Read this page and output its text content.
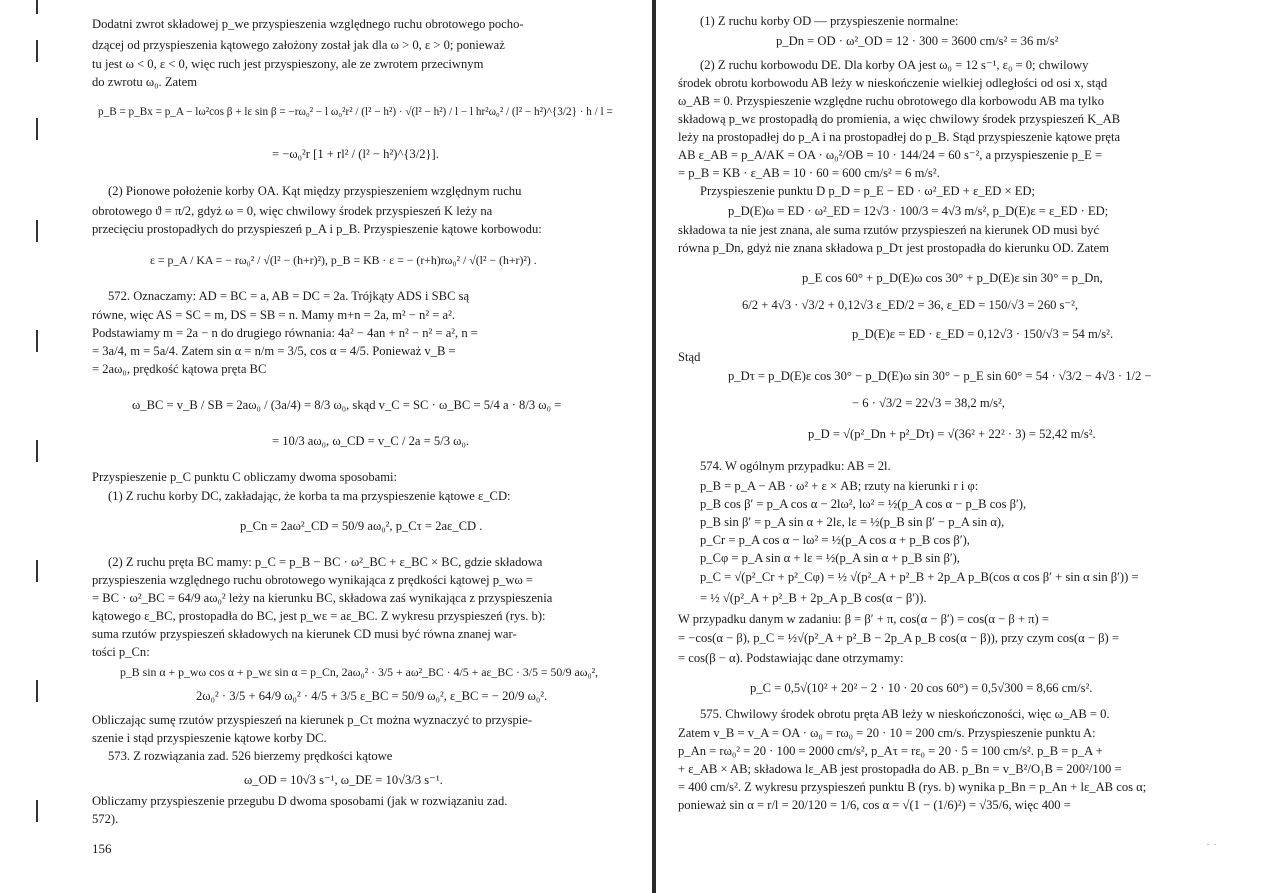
Dodatni zwrot składowej p_we przyspieszenia względnego ruchu obrotowego pocho-
dzącej od przyspieszenia kątowego założony został jak dla ω > 0, ε > 0; ponieważ
tu jest ω < 0, ε < 0, więc ruch jest przyspieszony, ale ze zwrotem przeciwnym
do zwrotu ω₀. Zatem
p_B = p_Bx = p_A − lω²cos β + lε sin β = −rω₀² − l ω₀²r² / (l² − h²) · √(l² − h²) / l − l hr²ω₀² / (l² − h²)^{3/2} · h / l =
= −ω₀²r [1 + rl² / (l² − h²)^{3/2}].
(2) Pionowe położenie korby OA. Kąt między przyspieszeniem względnym ruchu
obrotowego ϑ = π/2, gdyż ω = 0, więc chwilowy środek przyspieszeń K leży na
przecięciu prostopadłych do przyspieszeń p_A i p_B. Przyspieszenie kątowe korbowodu:
ε = p_A / KA = − rω₀² / √(l² − (h+r)²), p_B = KB · ε = − (r+h)rω₀² / √(l² − (h+r)²) .
572. Oznaczamy: AD = BC = a, AB = DC = 2a. Trójkąty ADS i SBC są
równe, więc AS = SC = m, DS = SB = n. Mamy m+n = 2a, m² − n² = a².
Podstawiamy m = 2a − n do drugiego równania: 4a² − 4an + n² − n² = a², n =
= 3a/4, m = 5a/4. Zatem sin α = n/m = 3/5, cos α = 4/5. Ponieważ v_B =
= 2aω₀, prędkość kątowa pręta BC
ω_BC = v_B / SB = 2aω₀ / (3a/4) = 8/3 ω₀, skąd v_C = SC · ω_BC = 5/4 a · 8/3 ω₀ =
= 10/3 aω₀, ω_CD = v_C / 2a = 5/3 ω₀.
Przyspieszenie p_C punktu C obliczamy dwoma sposobami:
(1) Z ruchu korby DC, zakładając, że korba ta ma przyspieszenie kątowe ε_CD:
p_Cn = 2aω²_CD = 50/9 aω₀², p_Cτ = 2aε_CD .
(2) Z ruchu pręta BC mamy: p_C = p_B − BC · ω²_BC + ε_BC × BC, gdzie składowa
przyspieszenia względnego ruchu obrotowego wynikająca z prędkości kątowej p_wω =
= BC · ω²_BC = 64/9 aω₀² leży na kierunku BC, składowa zaś wynikająca z przyspieszenia
kątowego ε_BC, prostopadła do BC, jest p_wε = aε_BC. Z wykresu przyspieszeń (rys. b):
suma rzutów przyspieszeń składowych na kierunek CD musi być równa znanej war-
tości p_Cn:
p_B sin α + p_wω cos α + p_wε sin α = p_Cn, 2aω₀² · 3/5 + aω²_BC · 4/5 + aε_BC · 3/5 = 50/9 aω₀²,
2ω₀² · 3/5 + 64/9 ω₀² · 4/5 + 3/5 ε_BC = 50/9 ω₀², ε_BC = − 20/9 ω₀².
Obliczając sumę rzutów przyspieszeń na kierunek p_Cτ można wyznaczyć to przyspie-
szenie i stąd przyspieszenie kątowe korby DC.
573. Z rozwiązania zad. 526 bierzemy prędkości kątowe
ω_OD = 10√3 s⁻¹, ω_DE = 10√3/3 s⁻¹.
Obliczamy przyspieszenie przegubu D dwoma sposobami (jak w rozwiązaniu zad.
572).
156
(1) Z ruchu korby OD — przyspieszenie normalne:
p_Dn = OD · ω²_OD = 12 · 300 = 3600 cm/s² = 36 m/s²
(2) Z ruchu korbowodu DE. Dla korby OA jest ω₀ = 12 s⁻¹, ε₀ = 0; chwilowy
środek obrotu korbowodu AB leży w nieskończenie wielkiej odległości od osi x, stąd
ω_AB = 0. Przyspieszenie względne ruchu obrotowego dla korbowodu AB ma tylko
składową p_wε prostopadłą do promienia, a więc chwilowy środek przyspieszeń K_AB
leży na prostopadłej do p_A i na prostopadłej do p_B. Stąd przyspieszenie kątowe pręta
AB ε_AB = p_A/AK = OA · ω₀²/OB = 10 · 144/24 = 60 s⁻², a przyspieszenie p_E =
= p_B = KB · ε_AB = 10 · 60 = 600 cm/s² = 6 m/s².
Przyspieszenie punktu D p_D = p_E − ED · ω²_ED + ε_ED × ED;
p_D(E)ω = ED · ω²_ED = 12√3 · 100/3 = 4√3 m/s², p_D(E)ε = ε_ED · ED;
składowa ta nie jest znana, ale suma rzutów przyspieszeń na kierunek OD musi być
równa p_Dn, gdyż nie znana składowa p_Dτ jest prostopadła do kierunku OD. Zatem
p_E cos 60° + p_D(E)ω cos 30° + p_D(E)ε sin 30° = p_Dn,
6/2 + 4√3 · √3/2 + 0,12√3 ε_ED/2 = 36, ε_ED = 150/√3 = 260 s⁻²,
p_D(E)ε = ED · ε_ED = 0,12√3 · 150/√3 = 54 m/s².
Stąd
p_Dτ = p_D(E)ε cos 30° − p_D(E)ω sin 30° − p_E sin 60° = 54 · √3/2 − 4√3 · 1/2 −
− 6 · √3/2 = 22√3 = 38,2 m/s²,
p_D = √(p²_Dn + p²_Dτ) = √(36² + 22² · 3) = 52,42 m/s².
574. W ogólnym przypadku: AB = 2l.
p_B = p_A − AB · ω² + ε × AB; rzuty na kierunki r i φ:
p_B cos β′ = p_A cos α − 2lω², lω² = ½(p_A cos α − p_B cos β′),
p_B sin β′ = p_A sin α + 2lε, lε = ½(p_B sin β′ − p_A sin α),
p_Cr = p_A cos α − lω² = ½(p_A cos α + p_B cos β′),
p_Cφ = p_A sin α + lε = ½(p_A sin α + p_B sin β′),
p_C = √(p²_Cr + p²_Cφ) = ½ √(p²_A + p²_B + 2p_A p_B(cos α cos β′ + sin α sin β′)) =
= ½ √(p²_A + p²_B + 2p_A p_B cos(α − β′)).
W przypadku danym w zadaniu: β = β′ + π, cos(α − β′) = cos(α − β + π) =
= −cos(α − β), p_C = ½√(p²_A + p²_B − 2p_A p_B cos(α − β)), przy czym cos(α − β) =
= cos(β − α). Podstawiając dane otrzymamy:
p_C = 0,5√(10² + 20² − 2 · 10 · 20 cos 60°) = 0,5√300 = 8,66 cm/s².
575. Chwilowy środek obrotu pręta AB leży w nieskończoności, więc ω_AB = 0.
Zatem v_B = v_A = OA · ω₀ = rω₀ = 20 · 10 = 200 cm/s. Przyspieszenie punktu A:
p_An = rω₀² = 20 · 100 = 2000 cm/s², p_Aτ = rε₀ = 20 · 5 = 100 cm/s². p_B = p_A +
+ ε_AB × AB; składowa lε_AB jest prostopadła do AB. p_Bn = v_B²/O₁B = 200²/100 =
= 400 cm/s². Z wykresu przyspieszeń punktu B (rys. b) wynika p_Bn = p_An + lε_AB cos α;
ponieważ sin α = r/l = 20/120 = 1/6, cos α = √(1 − (1/6)²) = √35/6, więc 400 =
· ·
